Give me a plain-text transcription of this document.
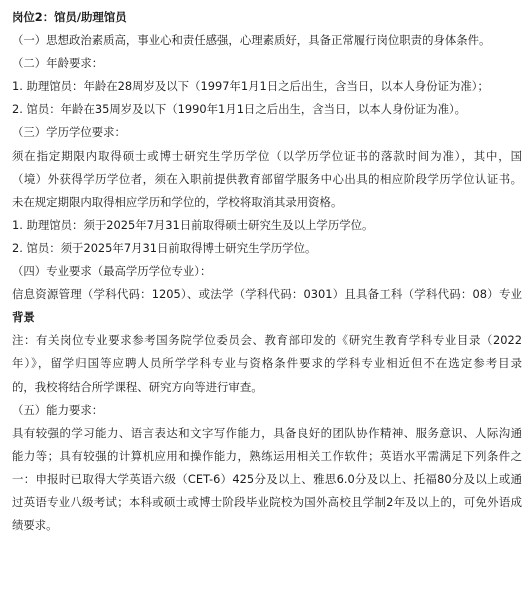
岗位2：馆员/助理馆员
（一）思想政治素质高，事业心和责任感强，心理素质好，具备正常履行岗位职责的身体条件。
（二）年龄要求：
1. 助理馆员：年龄在28周岁及以下（1997年1月1日之后出生，含当日，以本人身份证为准）；
2. 馆员：年龄在35周岁及以下（1990年1月1日之后出生，含当日，以本人身份证为准）。
（三）学历学位要求：
须在指定期限内取得硕士或博士研究生学历学位（以学历学位证书的落款时间为准），其中，国
（境）外获得学历学位者，须在入职前提供教育部留学服务中心出具的相应阶段学历学位认证书。
未在规定期限内取得相应学历和学位的，学校将取消其录用资格。
1. 助理馆员：须于2025年7月31日前取得硕士研究生及以上学历学位。
2. 馆员：须于2025年7月31日前取得博士研究生学历学位。
（四）专业要求（最高学历学位专业）：
信息资源管理（学科代码：1205）、或法学（学科代码：0301）且具备工科（学科代码：08）专业
背景
注：有关岗位专业要求参考国务院学位委员会、教育部印发的《研究生教育学科专业目录（2022
年）》，留学归国等应聘人员所学学科专业与资格条件要求的学科专业相近但不在选定参考目录
的，我校将结合所学课程、研究方向等进行审查。
（五）能力要求：
具有较强的学习能力、语言表达和文字写作能力，具备良好的团队协作精神、服务意识、人际沟通
能力等；具有较强的计算机应用和操作能力，熟练运用相关工作软件；英语水平需满足下列条件之
一：申报时已取得大学英语六级（CET-6）425分及以上、雅思6.0分及以上、托福80分及以上或通
过英语专业八级考试；本科或硕士或博士阶段毕业院校为国外高校且学制2年及以上的，可免外语成
绩要求。
